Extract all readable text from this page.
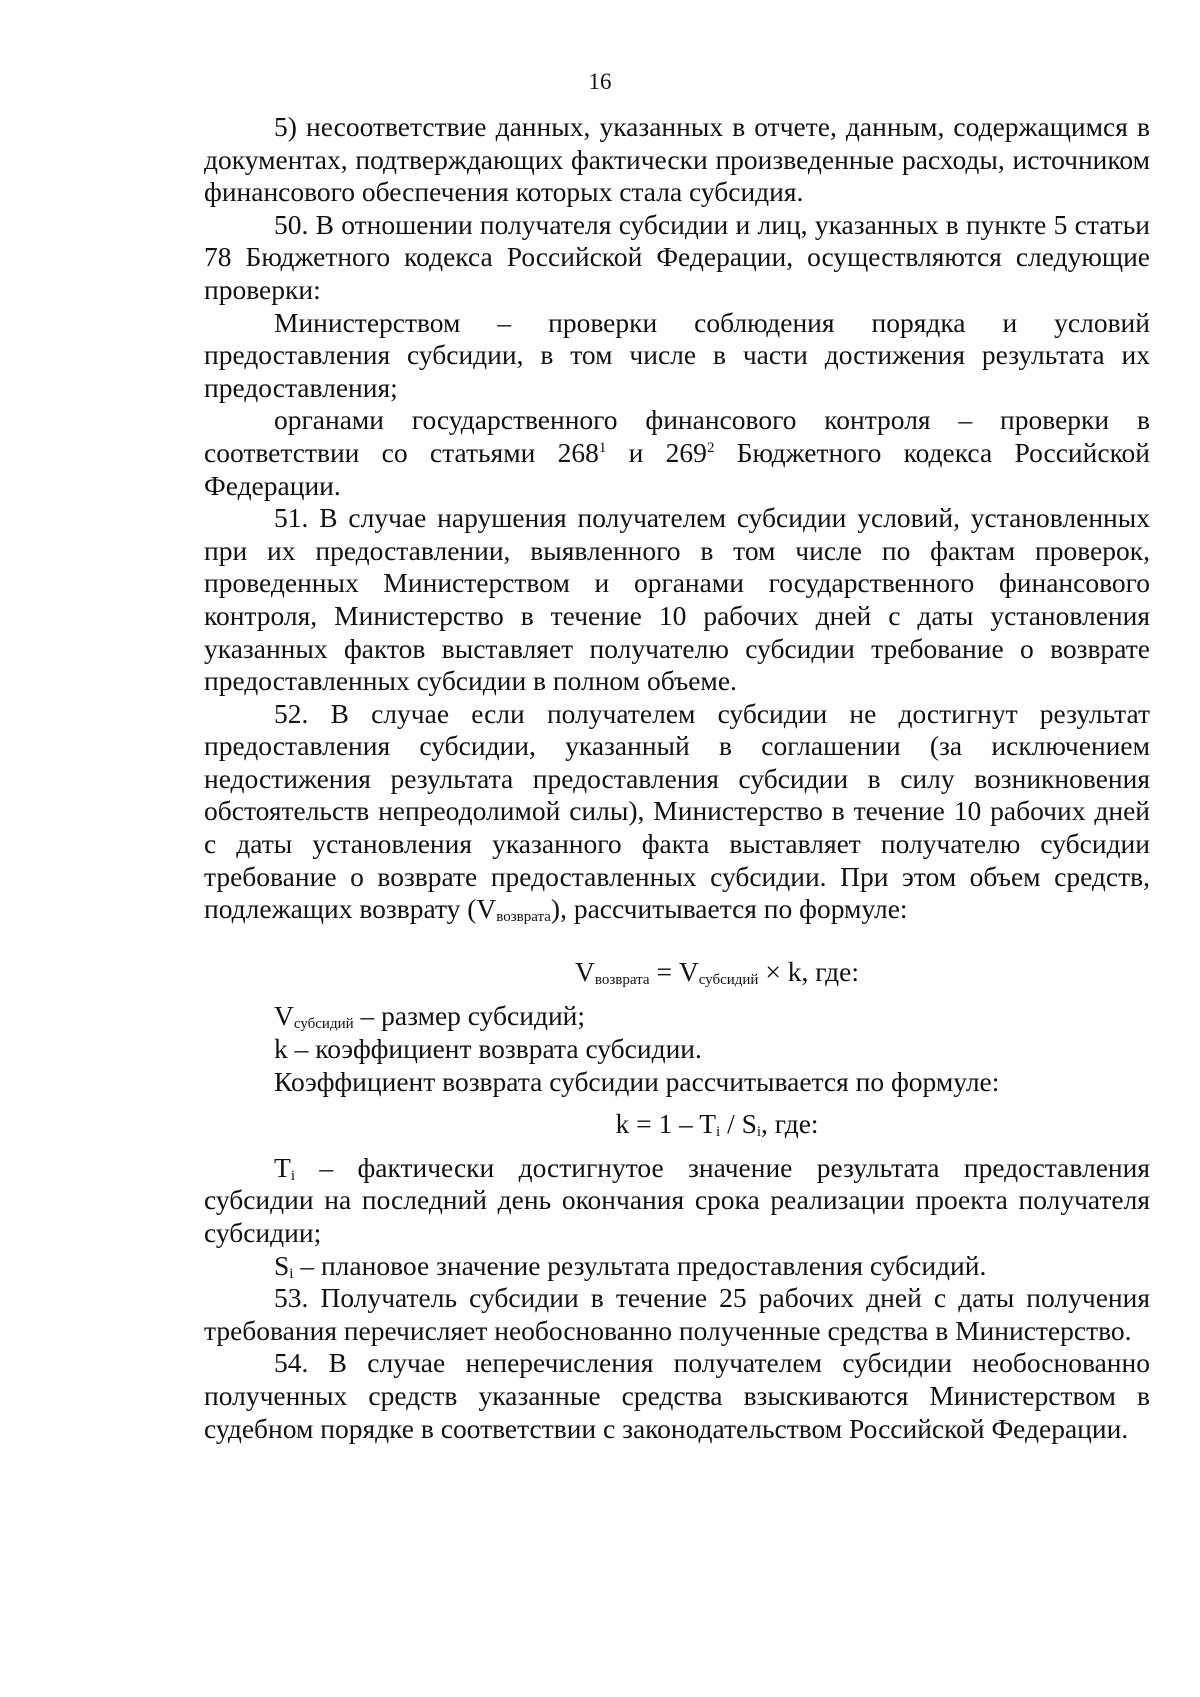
16

5) несоответствие данных, указанных в отчете, данным, содержащимся в документах, подтверждающих фактически произведенные расходы, источником финансового обеспечения которых стала субсидия.

50. В отношении получателя субсидии и лиц, указанных в пункте 5 статьи 78 Бюджетного кодекса Российской Федерации, осуществляются следующие проверки:

Министерством – проверки соблюдения порядка и условий предоставления субсидии, в том числе в части достижения результата их предоставления;

органами государственного финансового контроля – проверки в соответствии со статьями $268^1$ и $269^2$ Бюджетного кодекса Российской Федерации.

51. В случае нарушения получателем субсидии условий, установленных при их предоставлении, выявленного в том числе по фактам проверок, проведенных Министерством и органами государственного финансового контроля, Министерство в течение 10 рабочих дней с даты установления указанных фактов выставляет получателю субсидии требование о возврате предоставленных субсидии в полном объеме.

52. В случае если получателем субсидии не достигнут результат предоставления субсидии, указанный в соглашении (за исключением недостижения результата предоставления субсидии в силу возникновения обстоятельств непреодолимой силы), Министерство в течение 10 рабочих дней с даты установления указанного факта выставляет получателю субсидии требование о возврате предоставленных субсидии. При этом объем средств, подлежащих возврату $(V_{возврата})$, рассчитывается по формуле:

$V_{возврата} = V_{субсидий} \times k$, где:

$V_{субсидий}$ – размер субсидий;

k – коэффициент возврата субсидии.

Коэффициент возврата субсидии рассчитывается по формуле:

$k = 1 - T_i / S_i$, где:

$T_i$ – фактически достигнутое значение результата предоставления субсидии на последний день окончания срока реализации проекта получателя субсидии;

$S_i$ – плановое значение результата предоставления субсидий.

53. Получатель субсидии в течение 25 рабочих дней с даты получения требования перечисляет необоснованно полученные средства в Министерство.

54. В случае неперечисления получателем субсидии необоснованно полученных средств указанные средства взыскиваются Министерством в судебном порядке в соответствии с законодательством Российской Федерации.
